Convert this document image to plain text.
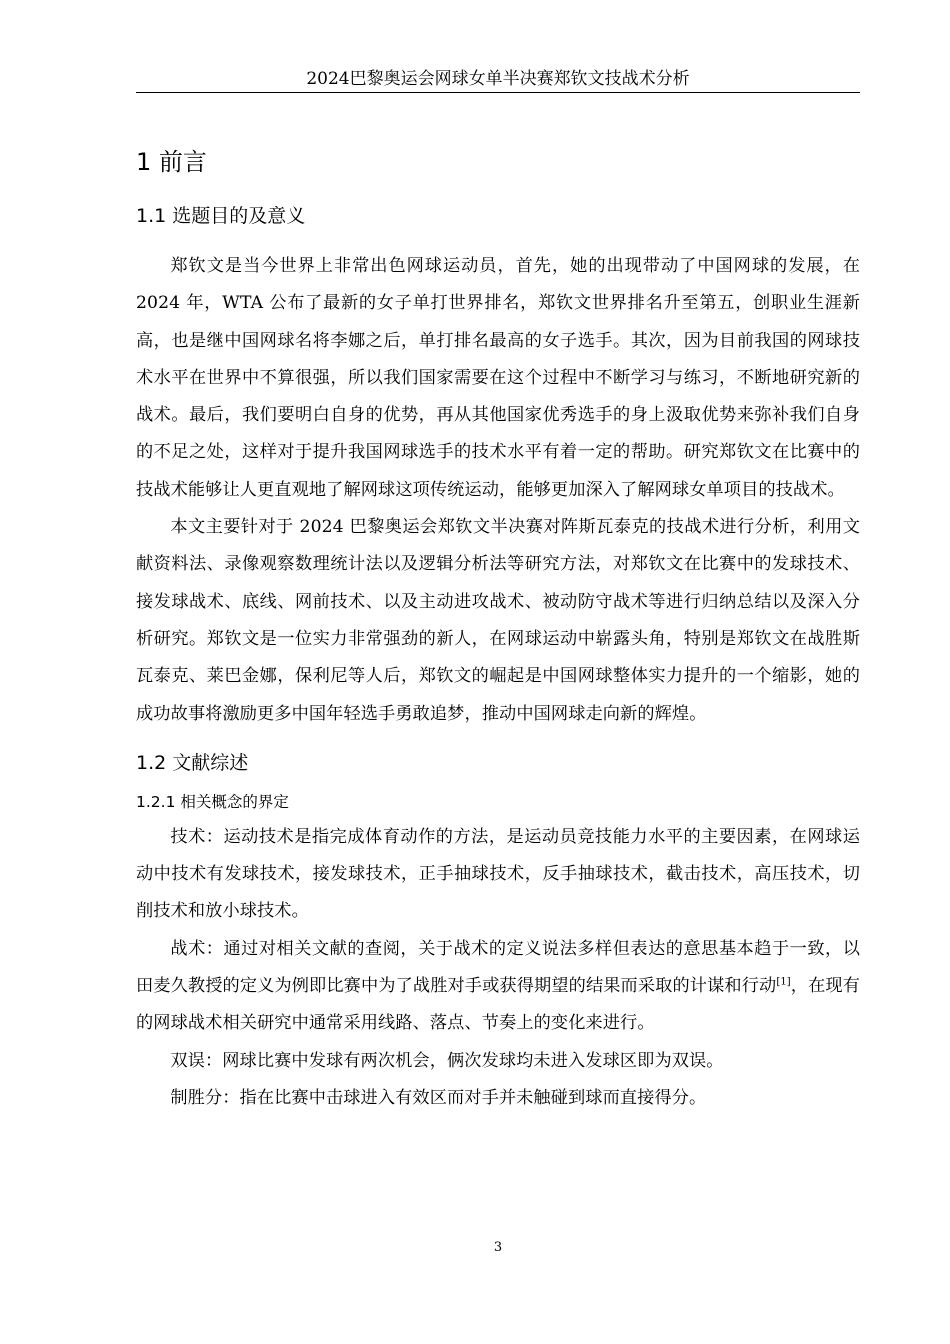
2024巴黎奥运会网球女单半决赛郑钦文技战术分析
1 前言
1.1 选题目的及意义

郑钦文是当今世界上非常出色网球运动员，首先，她的出现带动了中国网球的发展，在 2024 年，WTA 公布了最新的女子单打世界排名，郑钦文世界排名升至第五，创职业生涯新高，也是继中国网球名将李娜之后，单打排名最高的女子选手。其次，因为目前我国的网球技术水平在世界中不算很强，所以我们国家需要在这个过程中不断学习与练习，不断地研究新的战术。最后，我们要明白自身的优势，再从其他国家优秀选手的身上汲取优势来弥补我们自身的不足之处，这样对于提升我国网球选手的技术水平有着一定的帮助。研究郑钦文在比赛中的技战术能够让人更直观地了解网球这项传统运动，能够更加深入了解网球女单项目的技战术。

本文主要针对于 2024 巴黎奥运会郑钦文半决赛对阵斯瓦泰克的技战术进行分析，利用文献资料法、录像观察数理统计法以及逻辑分析法等研究方法，对郑钦文在比赛中的发球技术、接发球战术、底线、网前技术、以及主动进攻战术、被动防守战术等进行归纳总结以及深入分析研究。郑钦文是一位实力非常强劲的新人，在网球运动中崭露头角，特别是郑钦文在战胜斯瓦泰克、莱巴金娜，保利尼等人后，郑钦文的崛起是中国网球整体实力提升的一个缩影，她的成功故事将激励更多中国年轻选手勇敢追梦，推动中国网球走向新的辉煌。

1.2 文献综述
1.2.1 相关概念的界定

技术：运动技术是指完成体育动作的方法，是运动员竞技能力水平的主要因素，在网球运动中技术有发球技术，接发球技术，正手抽球技术，反手抽球技术，截击技术，高压技术，切削技术和放小球技术。

战术：通过对相关文献的查阅，关于战术的定义说法多样但表达的意思基本趋于一致，以田麦久教授的定义为例即比赛中为了战胜对手或获得期望的结果而采取的计谋和行动[1]，在现有的网球战术相关研究中通常采用线路、落点、节奏上的变化来进行。

双误：网球比赛中发球有两次机会，俩次发球均未进入发球区即为双误。

制胜分：指在比赛中击球进入有效区而对手并未触碰到球而直接得分。

3
